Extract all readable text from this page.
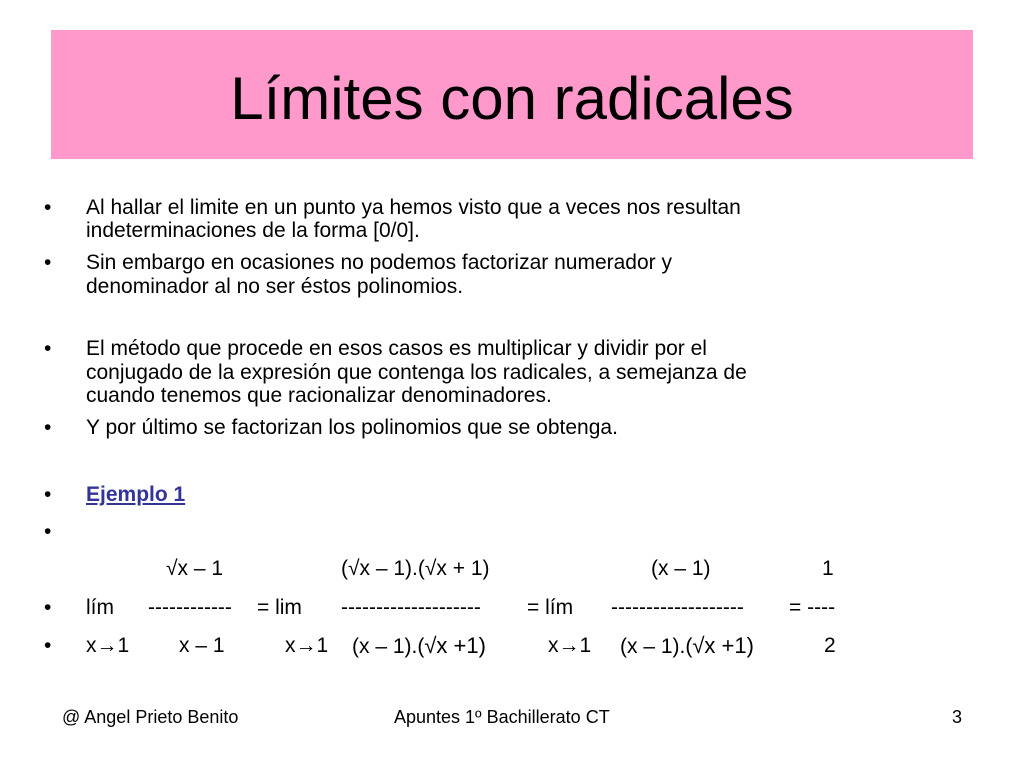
Límites con radicales
• Al hallar el limite en un punto ya hemos visto que a veces nos resultan
indeterminaciones de la forma [0/0].
• Sin embargo en ocasiones no podemos factorizar numerador y
denominador al no ser éstos polinomios.
• El método que procede en esos casos es multiplicar y dividir por el
conjugado de la expresión que contenga los radicales, a semejanza de
cuando tenemos que racionalizar denominadores.
• Y por último se factorizan los polinomios que se obtenga.
• Ejemplo 1
•
√x – 1	(√x – 1).(√x + 1)	(x – 1)	1
• lím ------------ = lim -------------------- = lím ------------------- = ----
• x→1 x – 1	x→1 (x – 1).(√x +1)	x→1 (x – 1).(√x +1)	2
@ Angel Prieto Benito	Apuntes 1º Bachillerato CT	3
